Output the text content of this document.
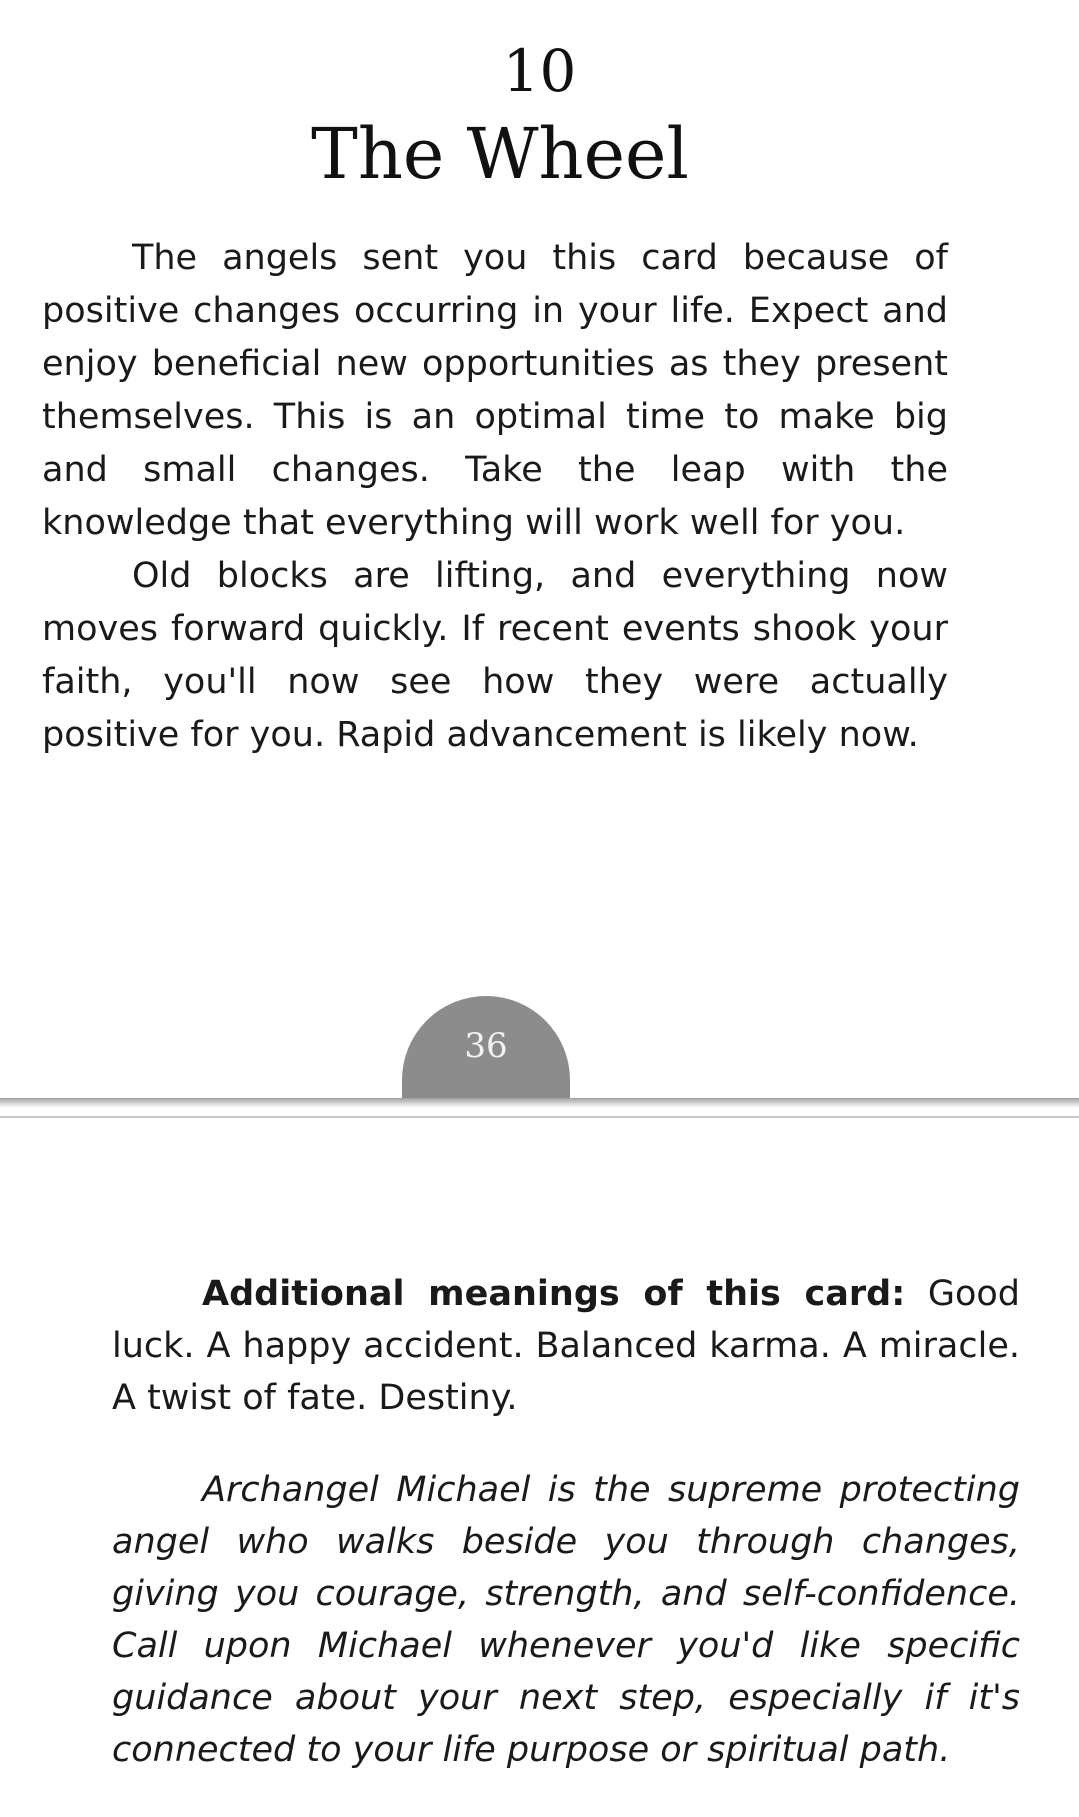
10
The Wheel

The angels sent you this card because of positive changes occurring in your life. Expect and enjoy beneficial new opportunities as they present themselves. This is an optimal time to make big and small changes. Take the leap with the knowledge that everything will work well for you.

Old blocks are lifting, and everything now moves forward quickly. If recent events shook your faith, you'll now see how they were actually positive for you. Rapid advancement is likely now.

36

Additional meanings of this card: Good luck. A happy accident. Balanced karma. A miracle. A twist of fate. Destiny.

Archangel Michael is the supreme protecting angel who walks beside you through changes, giving you courage, strength, and self-confidence. Call upon Michael whenever you'd like specific guidance about your next step, especially if it's connected to your life purpose or spiritual path.
